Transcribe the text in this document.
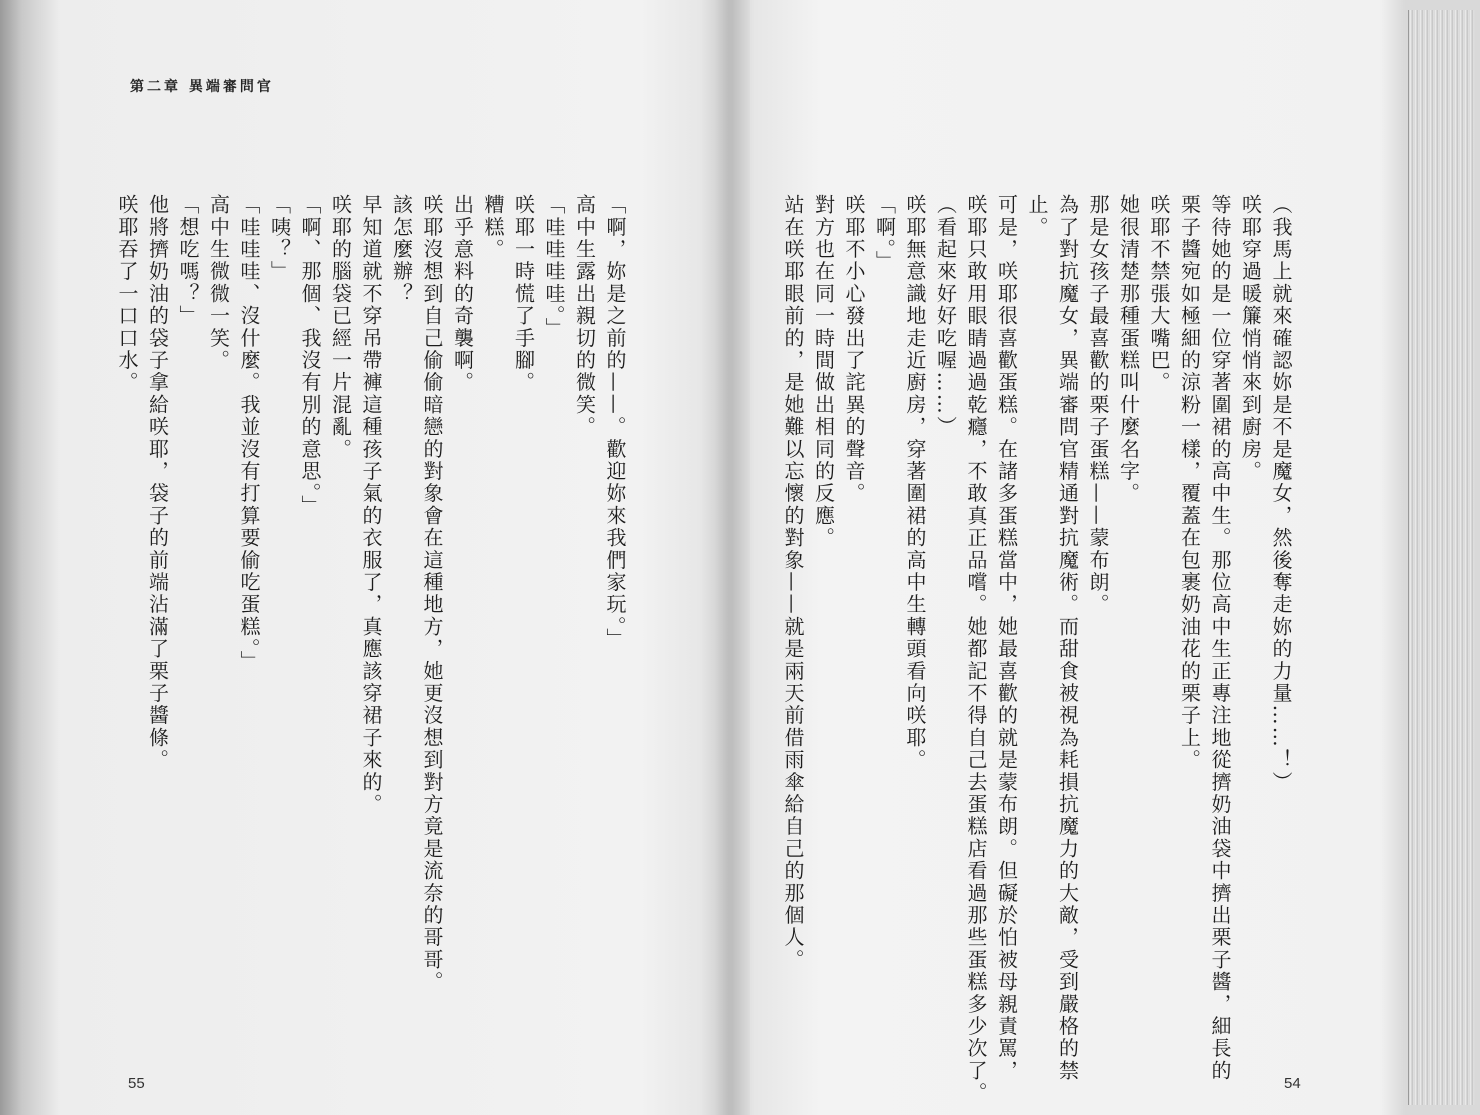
第二章 異端審問官
「啊，妳是之前的——。歡迎妳來我們家玩。」
高中生露出親切的微笑。
「哇哇哇哇。」
咲耶一時慌了手腳。
糟糕。
出乎意料的奇襲啊。
咲耶沒想到自己偷偷暗戀的對象會在這種地方，她更沒想到對方竟是流奈的哥哥。
該怎麼辦？
早知道就不穿吊帶褲這種孩子氣的衣服了，真應該穿裙子來的。
咲耶的腦袋已經一片混亂。
「啊、那個、我沒有別的意思。」
「咦？」
「哇哇哇、沒什麼。我並沒有打算要偷吃蛋糕。」
高中生微微一笑。
「想吃嗎？」
他將擠奶油的袋子拿給咲耶，袋子的前端沾滿了栗子醬條。
咲耶吞了一口口水。
55
（我馬上就來確認妳是不是魔女，然後奪走妳的力量……！）
咲耶穿過暖簾悄悄來到廚房。
等待她的是一位穿著圍裙的高中生。那位高中生正專注地從擠奶油袋中擠出栗子醬，細長的
栗子醬宛如極細的涼粉一樣，覆蓋在包裹奶油花的栗子上。
咲耶不禁張大嘴巴。
她很清楚那種蛋糕叫什麼名字。
那是女孩子最喜歡的栗子蛋糕——蒙布朗。
為了對抗魔女，異端審問官精通對抗魔術。而甜食被視為耗損抗魔力的大敵，受到嚴格的禁
止。
可是，咲耶很喜歡蛋糕。在諸多蛋糕當中，她最喜歡的就是蒙布朗。但礙於怕被母親責罵，
咲耶只敢用眼睛過過乾癮，不敢真正品嚐。她都記不得自己去蛋糕店看過那些蛋糕多少次了。
（看起來好好吃喔……）
咲耶無意識地走近廚房，穿著圍裙的高中生轉頭看向咲耶。
「啊。」
咲耶不小心發出了詫異的聲音。
對方也在同一時間做出相同的反應。
站在咲耶眼前的，是她難以忘懷的對象——就是兩天前借雨傘給自己的那個人。
54
